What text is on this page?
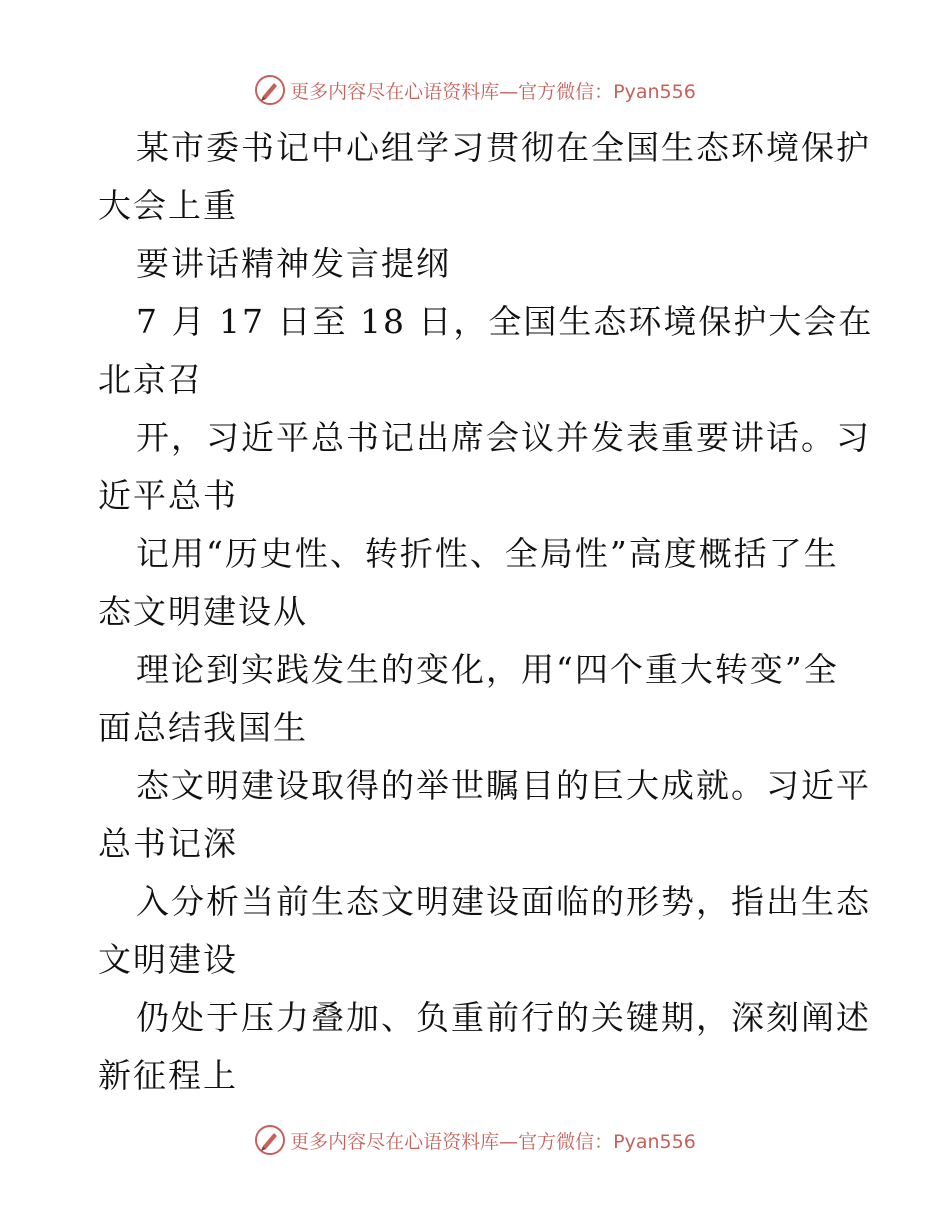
更多内容尽在心语资料库—官方微信：Pyan556
某市委书记中心组学习贯彻在全国生态环境保护
大会上重
要讲话精神发言提纲
7 月 17 日至 18 日，全国生态环境保护大会在
北京召
开，习近平总书记出席会议并发表重要讲话。习
近平总书
记用“历史性、转折性、全局性”高度概括了生
态文明建设从
理论到实践发生的变化，用“四个重大转变”全
面总结我国生
态文明建设取得的举世瞩目的巨大成就。习近平
总书记深
入分析当前生态文明建设面临的形势，指出生态
文明建设
仍处于压力叠加、负重前行的关键期，深刻阐述
新征程上
更多内容尽在心语资料库—官方微信：Pyan556
